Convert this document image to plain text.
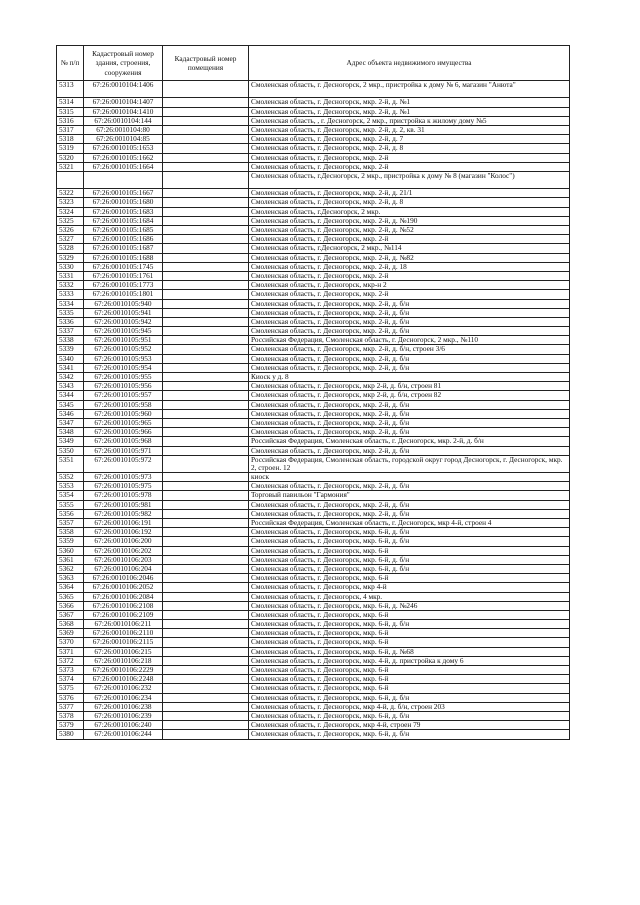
№ п/п	Кадастровый номер здания, строения, сооружения	Кадастровый номер помещения	Адрес объекта недвижимого имущества
5313	67:26:0010104:1406		Смоленская область, г. Десногорск, 2 мкр., пристройка к дому № 6, магазин "Анюта"
5314	67:26:0010104:1407		Смоленская область, г. Десногорск, мкр. 2-й, д. №1
5315	67:26:0010104:1410		Смоленская область, г. Десногорск, мкр. 2-й, д. №1
5316	67:26:0010104:144		Смоленская область, , г. Десногорск, 2 мкр., пристройка к жилому дому №5
5317	67:26:0010104:80		Смоленская область, г. Десногорск, мкр. 2-й, д. 2, кв. 31
5318	67:26:0010104:85		Смоленская область, г. Десногорск, мкр. 2-й, д. 7
5319	67:26:0010105:1653		Смоленская область, г. Десногорск, мкр. 2-й, д. 8
5320	67:26:0010105:1662		Смоленская область, г. Десногорск, мкр. 2-й
5321	67:26:0010105:1664		Смоленская область, г. Десногорск, мкр. 2-й
			Смоленская область, г.Десногорск, 2 мкр., пристройка к дому № 8 (магазин "Колос")
5322	67:26:0010105:1667		Смоленская область, г. Десногорск, мкр. 2-й, д. 21/1
5323	67:26:0010105:1680		Смоленская область, г. Десногорск, мкр. 2-й, д. 8
5324	67:26:0010105:1683		Смоленская область, г.Десногорск, 2 мкр.
5325	67:26:0010105:1684		Смоленская область, г. Десногорск, мкр. 2-й, д. №190
5326	67:26:0010105:1685		Смоленская область, г. Десногорск, мкр. 2-й, д. №52
5327	67:26:0010105:1686		Смоленская область, г. Десногорск, мкр. 2-й
5328	67:26:0010105:1687		Смоленская область, г.Десногорск, 2 мкр., №114
5329	67:26:0010105:1688		Смоленская область, г. Десногорск, мкр. 2-й, д. №82
5330	67:26:0010105:1745		Смоленская область, г. Десногорск, мкр. 2-й, д. 18
5331	67:26:0010105:1761		Смоленская область, г. Десногорск, мкр. 2-й
5332	67:26:0010105:1773		Смоленская область, г. Десногорск, мкр-н 2
5333	67:26:0010105:1801		Смоленская область, г. Десногорск, мкр. 2-й
5334	67:26:0010105:940		Смоленская область, г. Десногорск, мкр. 2-й, д. б/н
5335	67:26:0010105:941		Смоленская область, г. Десногорск, мкр. 2-й, д. б/н
5336	67:26:0010105:942		Смоленская область, г. Десногорск, мкр. 2-й, д. б/н
5337	67:26:0010105:945		Смоленская область, г. Десногорск, мкр. 2-й, д. б/н
5338	67:26:0010105:951		Российская Федерация, Смоленская область, г. Десногорск, 2 мкр., №110
5339	67:26:0010105:952		Смоленская область, г. Десногорск, мкр. 2-й, д. б/н, строен 3/6
5340	67:26:0010105:953		Смоленская область, г. Десногорск, мкр. 2-й, д. б/н
5341	67:26:0010105:954		Смоленская область, г. Десногорск, мкр. 2-й, д. б/н
5342	67:26:0010105:955		Киоск у д. 8
5343	67:26:0010105:956		Смоленская область, г. Десногорск, мкр 2-й, д. б/н, строен 81
5344	67:26:0010105:957		Смоленская область, г. Десногорск, мкр 2-й, д. б/н, строен 82
5345	67:26:0010105:958		Смоленская область, г. Десногорск, мкр. 2-й, д. б/н
5346	67:26:0010105:960		Смоленская область, г. Десногорск, мкр. 2-й, д. б/н
5347	67:26:0010105:965		Смоленская область, г. Десногорск, мкр. 2-й, д. б/н
5348	67:26:0010105:966		Смоленская область, г. Десногорск, мкр. 2-й, д. б/н
5349	67:26:0010105:968		Российская Федерация, Смоленская область, г. Десногорск, мкр. 2-й, д. б/н
5350	67:26:0010105:971		Смоленская область, г. Десногорск, мкр. 2-й, д. б/н
5351	67:26:0010105:972		Российская Федерация, Смоленская область, городской округ город Десногорск, г. Десногорск, мкр. 2, строен. 12
5352	67:26:0010105:973		киоск
5353	67:26:0010105:975		Смоленская область, г. Десногорск, мкр. 2-й, д. б/н
5354	67:26:0010105:978		Торговый павильон "Гармония"
5355	67:26:0010105:981		Смоленская область, г. Десногорск, мкр. 2-й, д. б/н
5356	67:26:0010105:982		Смоленская область, г. Десногорск, мкр. 2-й, д. б/н
5357	67:26:0010106:191		Российская Федерация, Смоленская область, г. Десногорск, мкр 4-й, строен 4
5358	67:26:0010106:192		Смоленская область, г. Десногорск, мкр. 6-й, д. б/н
5359	67:26:0010106:200		Смоленская область, г. Десногорск, мкр. 6-й, д. б/н
5360	67:26:0010106:202		Смоленская область, г. Десногорск, мкр. 6-й
5361	67:26:0010106:203		Смоленская область, г. Десногорск, мкр. 6-й, д. б/н
5362	67:26:0010106:204		Смоленская область, г. Десногорск, мкр. 6-й, д. б/н
5363	67:26:0010106:2046		Смоленская область, г. Десногорск, мкр. 6-й
5364	67:26:0010106:2052		Смоленская область, г. Десногорск, мкр 4-й
5365	67:26:0010106:2084		Смоленская область, г. Десногорск, 4 мкр.
5366	67:26:0010106:2108		Смоленская область, г. Десногорск, мкр. 6-й, д. №246
5367	67:26:0010106:2109		Смоленская область, г. Десногорск, мкр. 6-й
5368	67:26:0010106:211		Смоленская область, г. Десногорск, мкр. 6-й, д. б/н
5369	67:26:0010106:2110		Смоленская область, г. Десногорск, мкр. 6-й
5370	67:26:0010106:2115		Смоленская область, г. Десногорск, мкр. 6-й
5371	67:26:0010106:215		Смоленская область, г. Десногорск, мкр. 6-й, д. №68
5372	67:26:0010106:218		Смоленская область, г. Десногорск, мкр. 4-й, д. пристройка к дому 6
5373	67:26:0010106:2229		Смоленская область, г. Десногорск, мкр. 6-й
5374	67:26:0010106:2248		Смоленская область, г. Десногорск, мкр. 6-й
5375	67:26:0010106:232		Смоленская область, г. Десногорск, мкр. 6-й
5376	67:26:0010106:234		Смоленская область, г. Десногорск, мкр. 6-й, д. б/н
5377	67:26:0010106:238		Смоленская область, г. Десногорск, мкр 4-й, д. б/н, строен 203
5378	67:26:0010106:239		Смоленская область, г. Десногорск, мкр. 6-й, д. б/н
5379	67:26:0010106:240		Смоленская область, г. Десногорск, мкр 4-й, строен 79
5380	67:26:0010106:244		Смоленская область, г. Десногорск, мкр. 6-й, д. б/н
